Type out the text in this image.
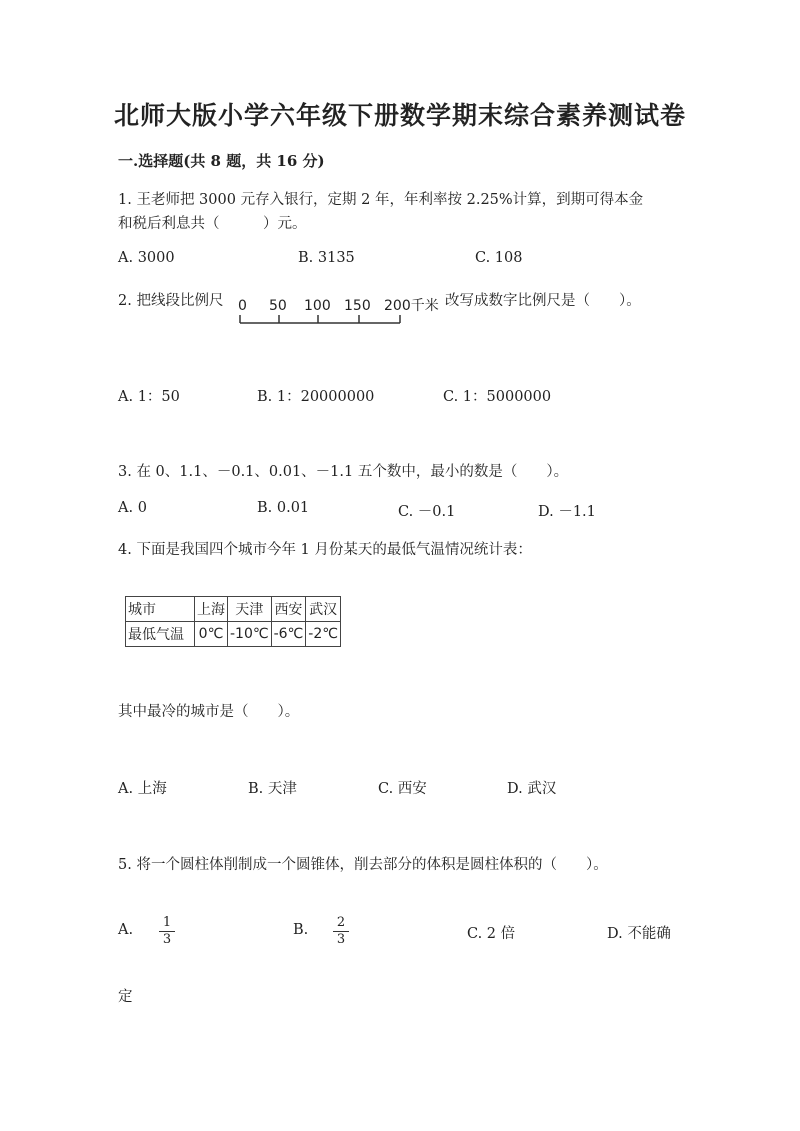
北师大版小学六年级下册数学期末综合素养测试卷
一.选择题(共 8 题，共 16 分)
1. 王老师把 3000 元存入银行，定期 2 年，年利率按 2.25%计算，到期可得本金
和税后利息共（　　　）元。
A. 3000	B. 3135	C. 108
2. 把线段比例尺 0 50 100 150 200千米 改写成数字比例尺是（　　）。
A. 1：50	B. 1：20000000	C. 1：5000000
3. 在 0、1.1、－0.1、0.01、－1.1 五个数中，最小的数是（　　）。
A. 0	B. 0.01	C. －0.1	D. －1.1
4. 下面是我国四个城市今年 1 月份某天的最低气温情况统计表：
城市	上海	天津	西安	武汉
最低气温	0℃	-10℃	-6℃	-2℃
其中最冷的城市是（　　）。
A. 上海	B. 天津	C. 西安	D. 武汉
5. 将一个圆柱体削制成一个圆锥体，削去部分的体积是圆柱体积的（　　）。
A. $\frac{1}{3}$	B. $\frac{2}{3}$	C. 2 倍	D. 不能确
定
